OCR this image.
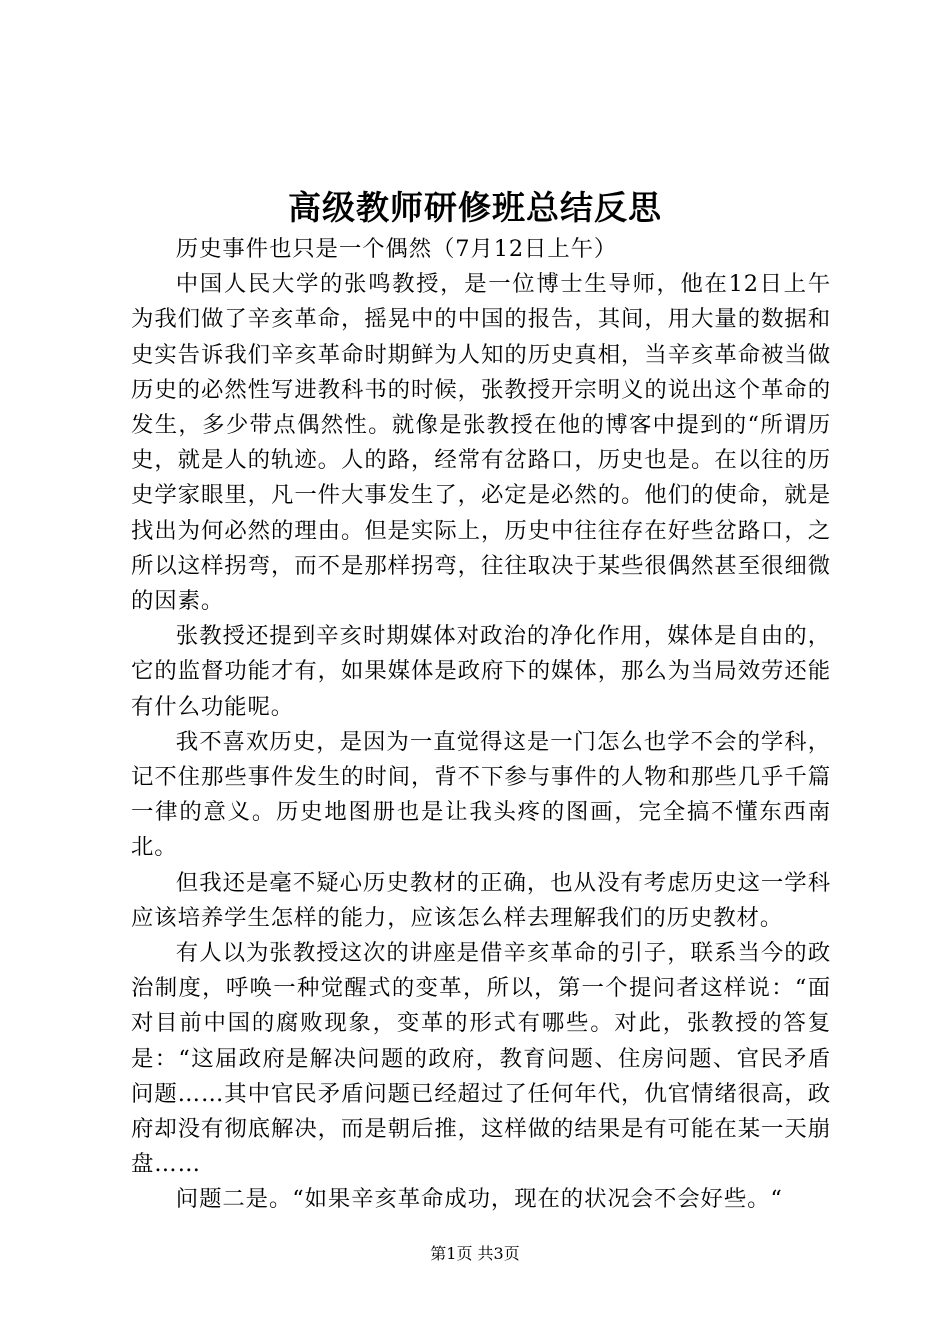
高级教师研修班总结反思

历史事件也只是一个偶然（7月12日上午）

中国人民大学的张鸣教授，是一位博士生导师，他在12日上午为我们做了辛亥革命，摇晃中的中国的报告，其间，用大量的数据和史实告诉我们辛亥革命时期鲜为人知的历史真相，当辛亥革命被当做历史的必然性写进教科书的时候，张教授开宗明义的说出这个革命的发生，多少带点偶然性。就像是张教授在他的博客中提到的“所谓历史，就是人的轨迹。人的路，经常有岔路口，历史也是。在以往的历史学家眼里，凡一件大事发生了，必定是必然的。他们的使命，就是找出为何必然的理由。但是实际上，历史中往往存在好些岔路口，之所以这样拐弯，而不是那样拐弯，往往取决于某些很偶然甚至很细微的因素。

张教授还提到辛亥时期媒体对政治的净化作用，媒体是自由的，它的监督功能才有，如果媒体是政府下的媒体，那么为当局效劳还能有什么功能呢。

我不喜欢历史，是因为一直觉得这是一门怎么也学不会的学科，记不住那些事件发生的时间，背不下参与事件的人物和那些几乎千篇一律的意义。历史地图册也是让我头疼的图画，完全搞不懂东西南北。

但我还是毫不疑心历史教材的正确，也从没有考虑历史这一学科应该培养学生怎样的能力，应该怎么样去理解我们的历史教材。

有人以为张教授这次的讲座是借辛亥革命的引子，联系当今的政治制度，呼唤一种觉醒式的变革，所以，第一个提问者这样说：“面对目前中国的腐败现象，变革的形式有哪些。对此，张教授的答复是：“这届政府是解决问题的政府，教育问题、住房问题、官民矛盾问题……其中官民矛盾问题已经超过了任何年代，仇官情绪很高，政府却没有彻底解决，而是朝后推，这样做的结果是有可能在某一天崩盘……

问题二是。“如果辛亥革命成功，现在的状况会不会好些。“

第1页 共3页
